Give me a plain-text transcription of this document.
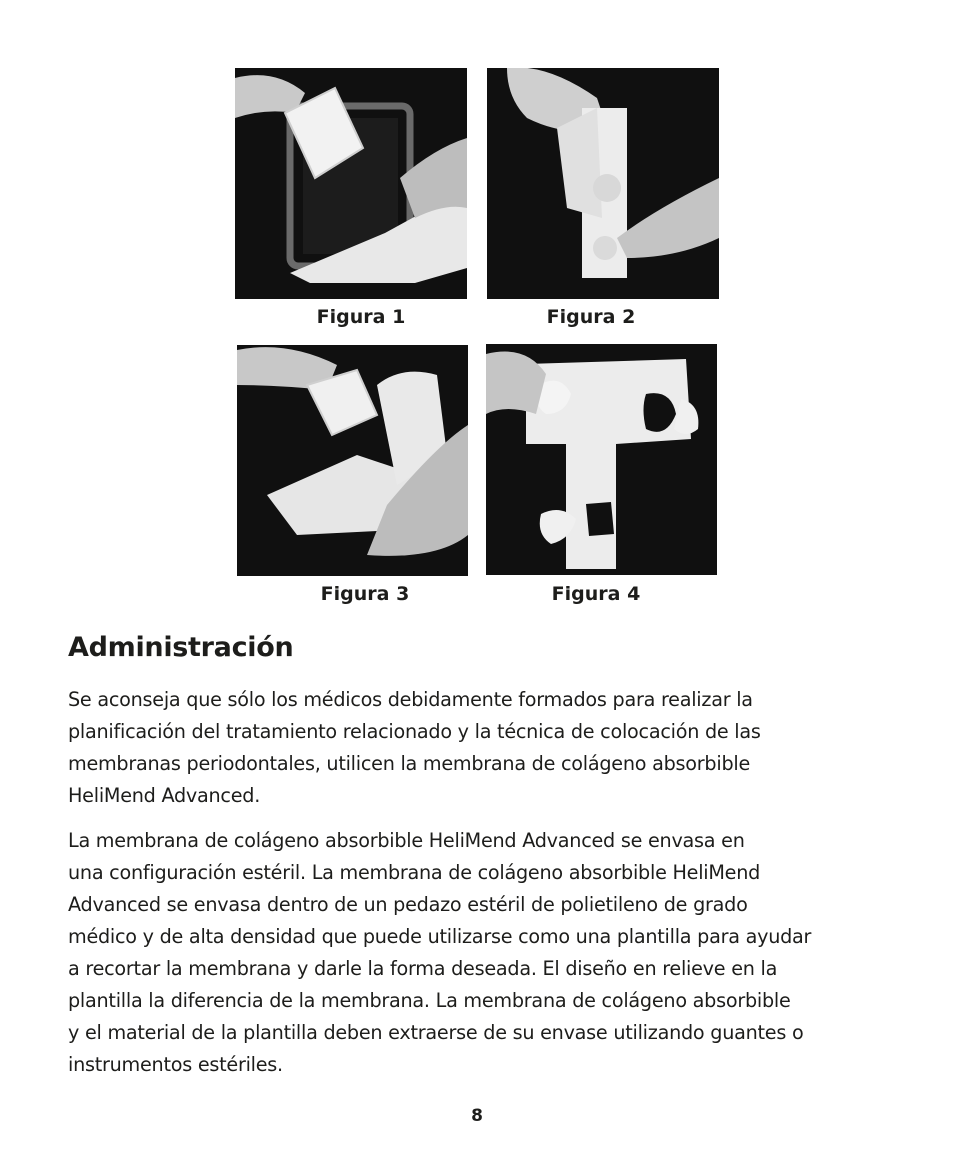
Figura 1	Figura 2
Figura 3	Figura 4
Administración

Se aconseja que sólo los médicos debidamente formados para realizar la
planificación del tratamiento relacionado y la técnica de colocación de las
membranas periodontales, utilicen la membrana de colágeno absorbible
HeliMend Advanced.

La membrana de colágeno absorbible HeliMend Advanced se envasa en
una configuración estéril. La membrana de colágeno absorbible HeliMend
Advanced se envasa dentro de un pedazo estéril de polietileno de grado
médico y de alta densidad que puede utilizarse como una plantilla para ayudar
a recortar la membrana y darle la forma deseada. El diseño en relieve en la
plantilla la diferencia de la membrana. La membrana de colágeno absorbible
y el material de la plantilla deben extraerse de su envase utilizando guantes o
instrumentos estériles.

8
